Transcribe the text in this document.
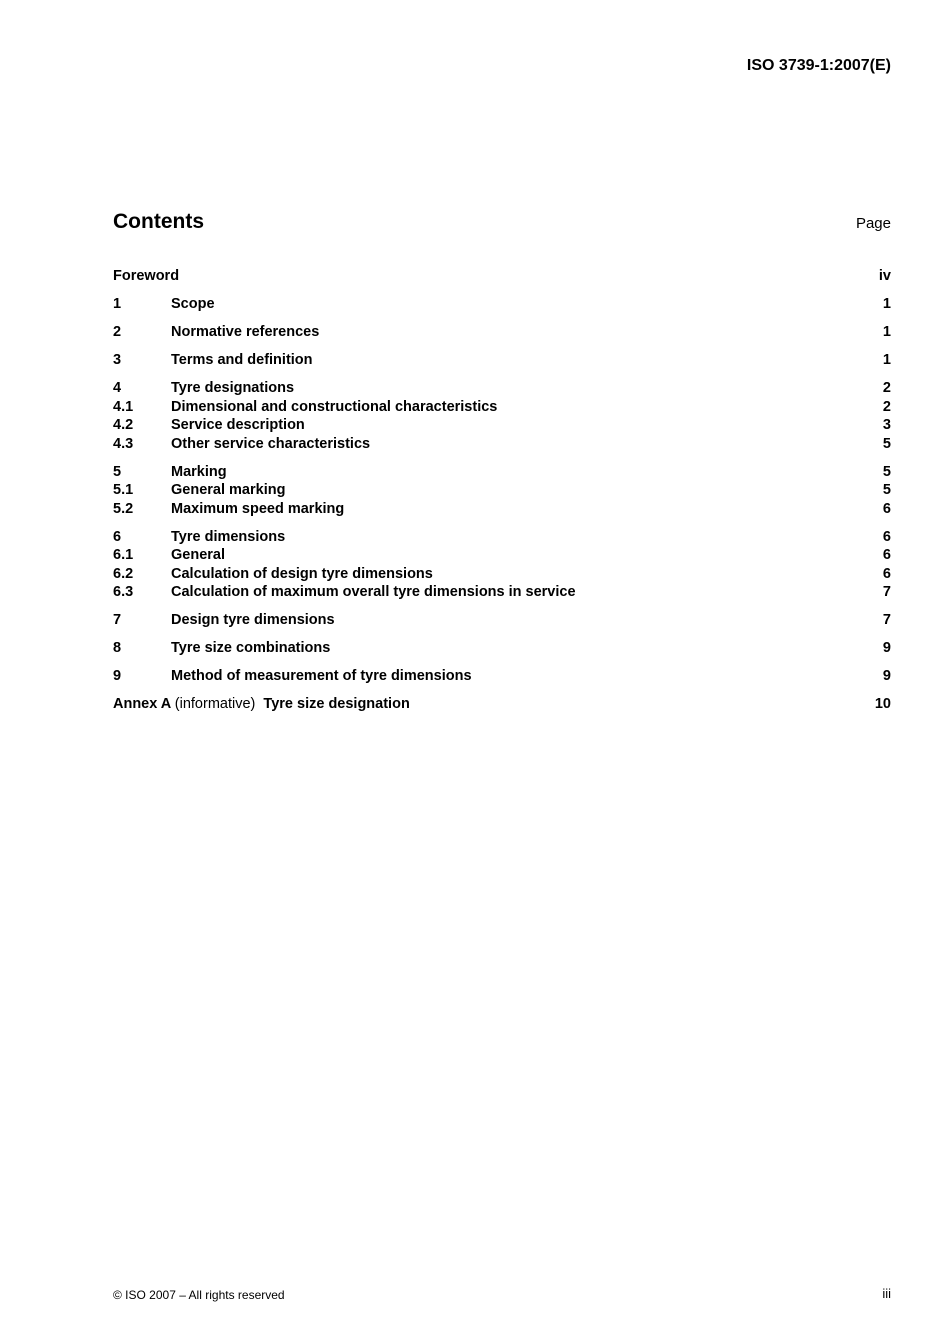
ISO 3739-1:2007(E)
Contents	Page
Foreword	iv
1	Scope	1
2	Normative references	1
3	Terms and definition	1
4	Tyre designations	2
4.1	Dimensional and constructional characteristics	2
4.2	Service description	3
4.3	Other service characteristics	5
5	Marking	5
5.1	General marking	5
5.2	Maximum speed marking	6
6	Tyre dimensions	6
6.1	General	6
6.2	Calculation of design tyre dimensions	6
6.3	Calculation of maximum overall tyre dimensions in service	7
7	Design tyre dimensions	7
8	Tyre size combinations	9
9	Method of measurement of tyre dimensions	9
Annex A (informative) Tyre size designation	10
© ISO 2007 – All rights reserved	iii
